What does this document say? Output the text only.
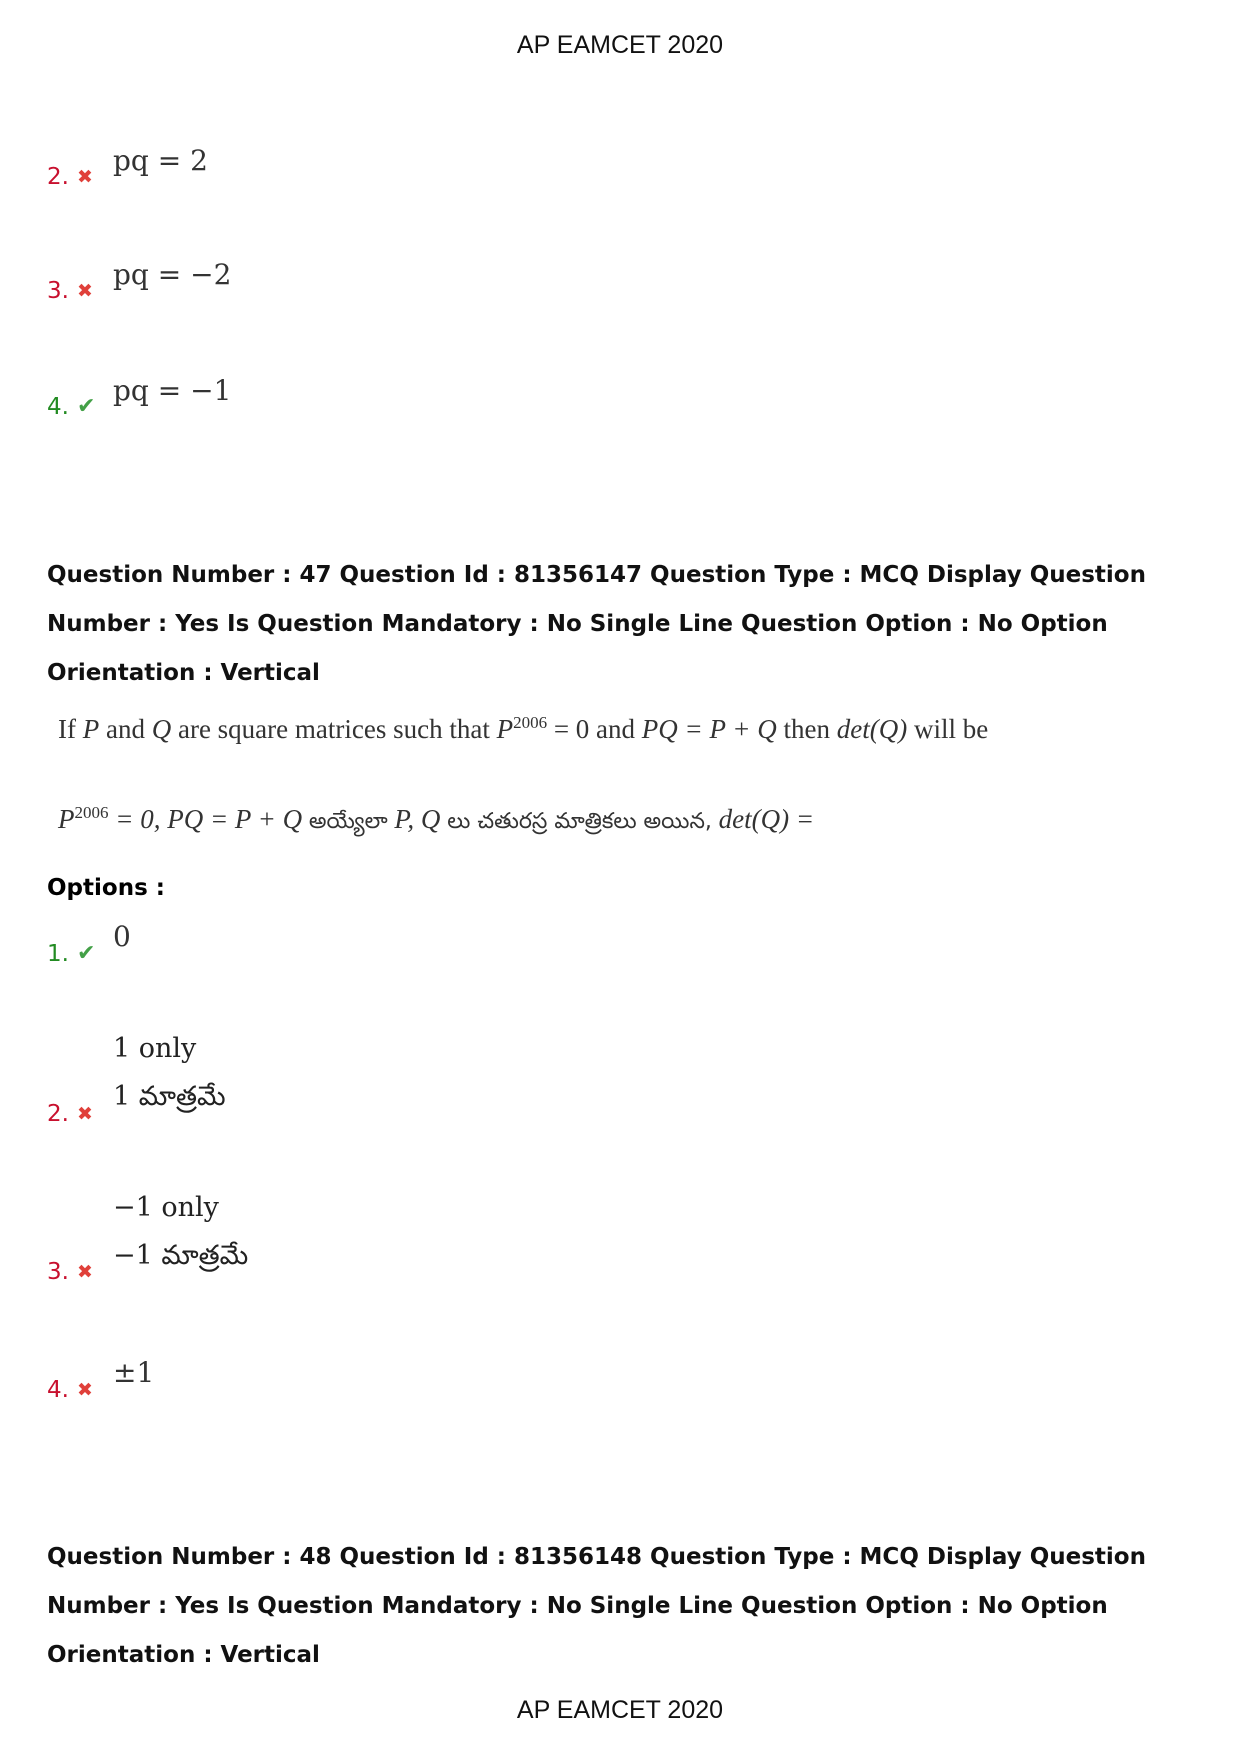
AP EAMCET 2020
2. ✖ pq = 2
3. ✖ pq = −2
4. ✔ pq = −1
Question Number : 47 Question Id : 81356147 Question Type : MCQ Display Question Number : Yes Is Question Mandatory : No Single Line Question Option : No Option Orientation : Vertical
If P and Q are square matrices such that $P^{2006} = 0$ and PQ = P + Q then det(Q) will be
$P^{2006} = 0$, PQ = P + Q అయ్యేలా P, Q లు చతురస్ర మాత్రికలు అయిన, det(Q) =
Options :
1. ✔
0
2. ✖
1 only
1 మాత్రమే
3. ✖
−1 only
−1 మాత్రమే
4. ✖
±1
Question Number : 48 Question Id : 81356148 Question Type : MCQ Display Question Number : Yes Is Question Mandatory : No Single Line Question Option : No Option Orientation : Vertical
AP EAMCET 2020
